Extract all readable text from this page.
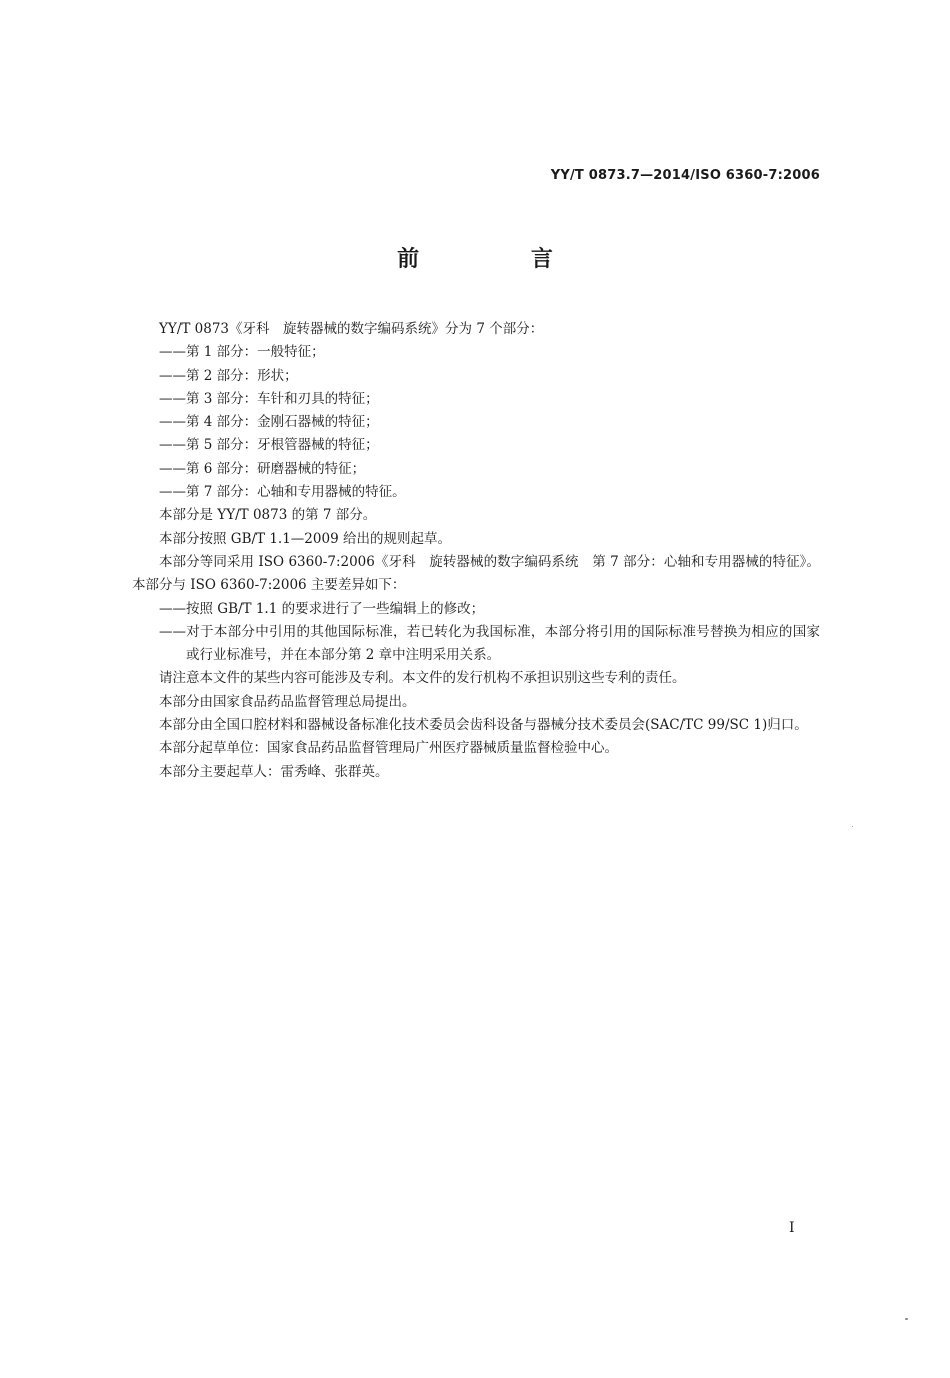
YY/T 0873.7—2014/ISO 6360-7:2006
前 言

YY/T 0873《牙科　旋转器械的数字编码系统》分为 7 个部分：

——第 1 部分：一般特征；

——第 2 部分：形状；

——第 3 部分：车针和刃具的特征；

——第 4 部分：金刚石器械的特征；

——第 5 部分：牙根管器械的特征；

——第 6 部分：研磨器械的特征；

——第 7 部分：心轴和专用器械的特征。

本部分是 YY/T 0873 的第 7 部分。

本部分按照 GB/T 1.1—2009 给出的规则起草。

本部分等同采用 ISO 6360-7:2006《牙科　旋转器械的数字编码系统　第 7 部分：心轴和专用器械的特征》。本部分与 ISO 6360-7:2006 主要差异如下：

——按照 GB/T 1.1 的要求进行了一些编辑上的修改；

——对于本部分中引用的其他国际标准，若已转化为我国标准，本部分将引用的国际标准号替换为相应的国家或行业标准号，并在本部分第 2 章中注明采用关系。

请注意本文件的某些内容可能涉及专利。本文件的发行机构不承担识别这些专利的责任。

本部分由国家食品药品监督管理总局提出。

本部分由全国口腔材料和器械设备标准化技术委员会齿科设备与器械分技术委员会(SAC/TC 99/SC 1)归口。

本部分起草单位：国家食品药品监督管理局广州医疗器械质量监督检验中心。

本部分主要起草人：雷秀峰、张群英。

I
